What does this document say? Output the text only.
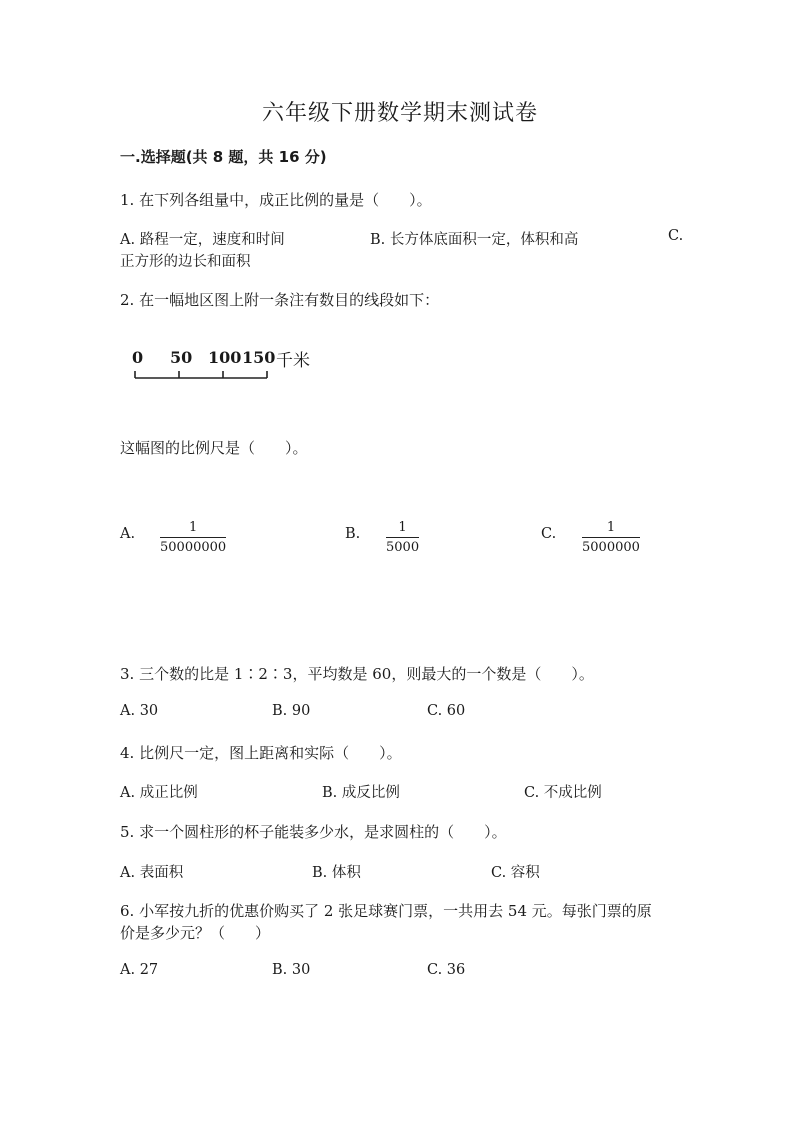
六年级下册数学期末测试卷
一.选择题(共 8 题，共 16 分)
1. 在下列各组量中，成正比例的量是（　　）。
A. 路程一定，速度和时间	B. 长方体底面积一定，体积和高	C.
正方形的边长和面积
2. 在一幅地区图上附一条注有数目的线段如下：
0 50 100 150 千米
这幅图的比例尺是（　　）。
A.	1
50000000
B.	1
5000
C.	1
5000000
3. 三个数的比是 1∶2∶3，平均数是 60，则最大的一个数是（　　）。
A. 30	B. 90	C. 60
4. 比例尺一定，图上距离和实际（　　）。
A. 成正比例	B. 成反比例	C. 不成比例
5. 求一个圆柱形的杯子能装多少水，是求圆柱的（　　）。
A. 表面积	B. 体积	C. 容积
6. 小军按九折的优惠价购买了 2 张足球赛门票，一共用去 54 元。每张门票的原
价是多少元？（　　）
A. 27	B. 30	C. 36
